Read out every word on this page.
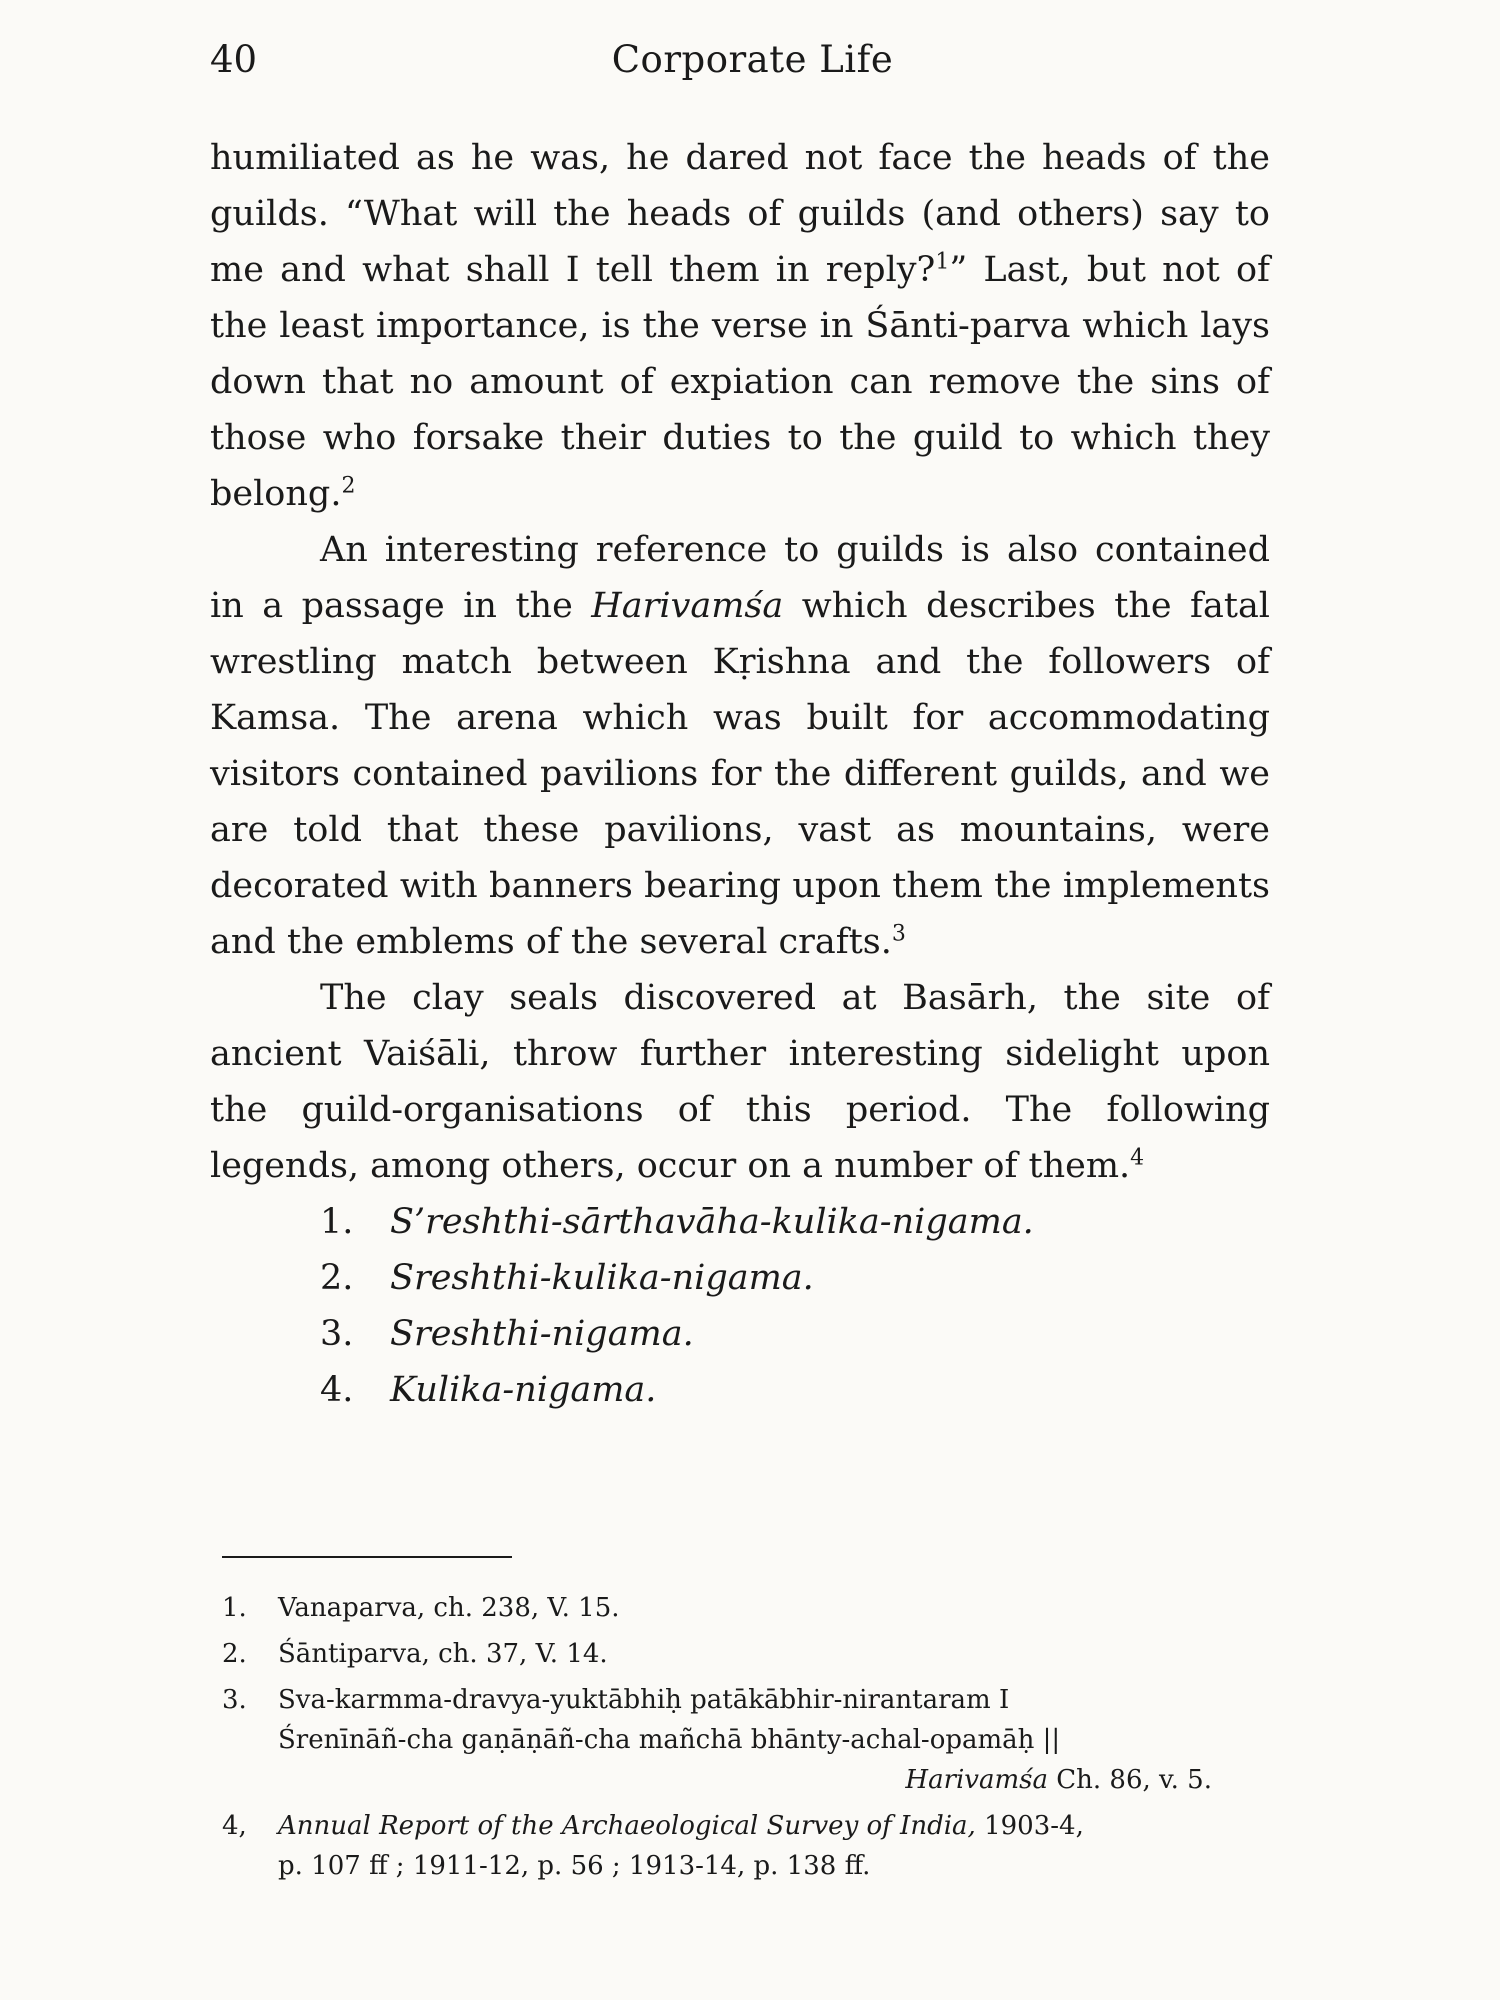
40	Corporate Life

humiliated as he was, he dared not face the heads of the guilds. “What will the heads of guilds (and others) say to me and what shall I tell them in reply?$^1$” Last, but not of the least importance, is the verse in Śānti-parva which lays down that no amount of expiation can remove the sins of those who forsake their duties to the guild to which they belong.$^2$

An interesting reference to guilds is also contained in a passage in the Harivamśa which describes the fatal wrestling match between Kṛishna and the followers of Kamsa. The arena which was built for accommodating visitors contained pavilions for the different guilds, and we are told that these pavilions, vast as mountains, were decorated with banners bearing upon them the implements and the emblems of the several crafts.$^3$

The clay seals discovered at Basārh, the site of ancient Vaiśāli, throw further interesting sidelight upon the guild-organisations of this period. The following legends, among others, occur on a number of them.$^4$

1. S’reshthi-sārthavāha-kulika-nigama.
2. Sreshthi-kulika-nigama.
3. Sreshthi-nigama.
4. Kulika-nigama.
1.	Vanaparva, ch. 238, V. 15.
2.	Śāntiparva, ch. 37, V. 14.
3.	Sva-karmma-dravya-yuktābhiḥ patākābhir-nirantaram I
Śrenīnāñ-cha gaṇāṇāñ-cha mañchā bhānty-achal-opamāḥ ||
Harivamśa Ch. 86, v. 5.
4,	Annual Report of the Archaeological Survey of India, 1903-4,
p. 107 ff ; 1911-12, p. 56 ; 1913-14, p. 138 ff.
